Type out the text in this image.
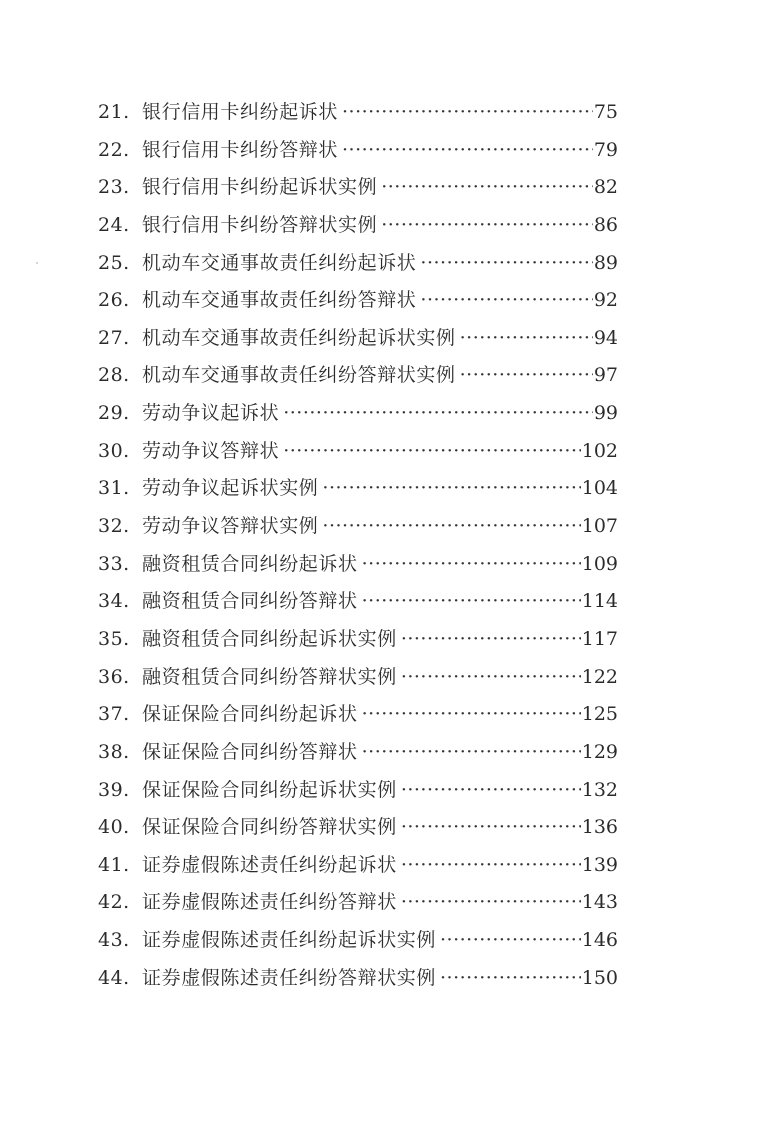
21. 银行信用卡纠纷起诉状 ·····	75
22. 银行信用卡纠纷答辩状 ·····	79
23. 银行信用卡纠纷起诉状实例 ·····	82
24. 银行信用卡纠纷答辩状实例 ·····	86
25. 机动车交通事故责任纠纷起诉状 ·····	89
26. 机动车交通事故责任纠纷答辩状 ·····	92
27. 机动车交通事故责任纠纷起诉状实例 ·····	94
28. 机动车交通事故责任纠纷答辩状实例 ·····	97
29. 劳动争议起诉状 ·····	99
30. 劳动争议答辩状 ·····	102
31. 劳动争议起诉状实例 ·····	104
32. 劳动争议答辩状实例 ·····	107
33. 融资租赁合同纠纷起诉状 ·····	109
34. 融资租赁合同纠纷答辩状 ·····	114
35. 融资租赁合同纠纷起诉状实例 ·····	117
36. 融资租赁合同纠纷答辩状实例 ·····	122
37. 保证保险合同纠纷起诉状 ·····	125
38. 保证保险合同纠纷答辩状 ·····	129
39. 保证保险合同纠纷起诉状实例 ·····	132
40. 保证保险合同纠纷答辩状实例 ·····	136
41. 证券虚假陈述责任纠纷起诉状 ·····	139
42. 证券虚假陈述责任纠纷答辩状 ·····	143
43. 证券虚假陈述责任纠纷起诉状实例 ·····	146
44. 证券虚假陈述责任纠纷答辩状实例 ·····	150
